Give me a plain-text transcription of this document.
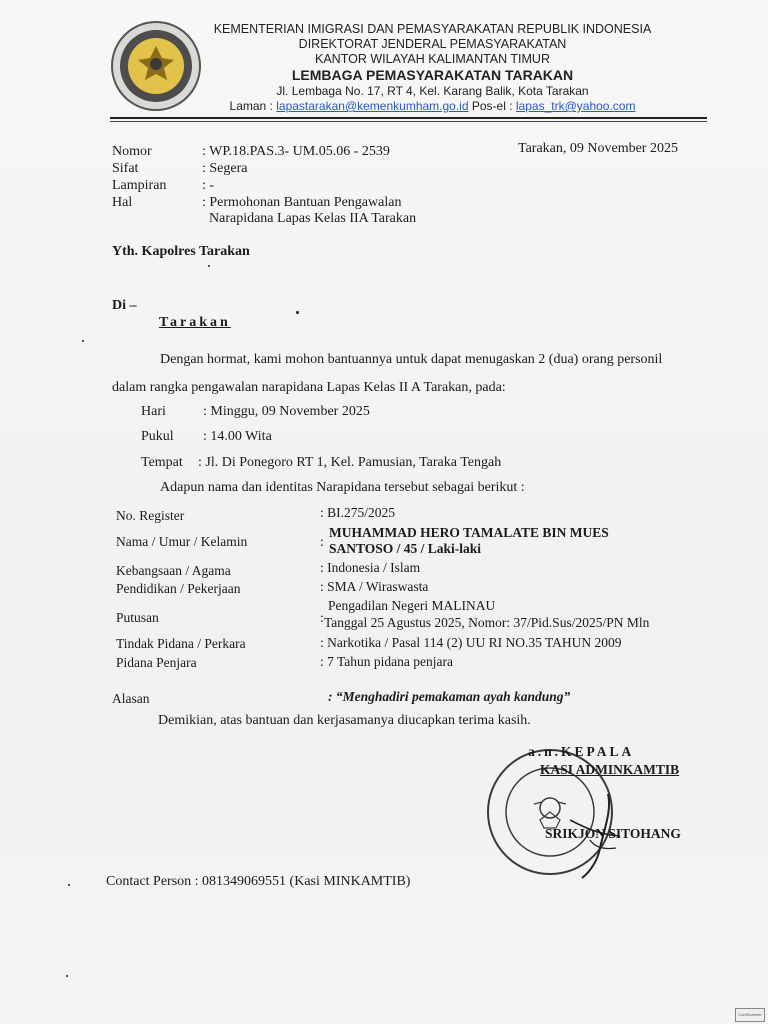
KEMENTERIAN IMIGRASI DAN PEMASYARAKATAN REPUBLIK INDONESIA
DIREKTORAT JENDERAL PEMASYARAKATAN
KANTOR WILAYAH KALIMANTAN TIMUR
LEMBAGA PEMASYARAKATAN TARAKAN
Jl. Lembaga No. 17, RT 4, Kel. Karang Balik, Kota Tarakan
Laman : lapastarakan@kemenkumham.go.id Pos-el : lapas_trk@yahoo.com
Nomor	: WP.18.PAS.3- UM.05.06 - 2539	Tarakan, 09 November 2025
Sifat	: Segera
Lampiran	: -
Hal	: Permohonan Bantuan Pengawalan
Narapidana Lapas Kelas IIA Tarakan
Yth. Kapolres Tarakan
Di –
Tarakan
Dengan hormat, kami mohon bantuannya untuk dapat menugaskan 2 (dua) orang personil
dalam rangka pengawalan narapidana Lapas Kelas II A Tarakan, pada:
Hari	: Minggu, 09 November 2025
Pukul : 14.00 Wita
Tempat : Jl. Di Ponegoro RT 1, Kel. Pamusian, Taraka Tengah
Adapun nama dan identitas Narapidana tersebut sebagai berikut :
No. Register	: BI.275/2025
Nama / Umur / Kelamin	:
MUHAMMAD HERO TAMALATE BIN MUES
SANTOSO / 45 / Laki-laki
Kebangsaan / Agama	: Indonesia / Islam
Pendidikan / Pekerjaan	: SMA / Wiraswasta
Putusan	:
Pengadilan Negeri MALINAU
Tanggal 25 Agustus 2025, Nomor: 37/Pid.Sus/2025/PN Mln
Tindak Pidana / Perkara	: Narkotika / Pasal 114 (2) UU RI NO.35 TAHUN 2009
Pidana Penjara	: 7 Tahun pidana penjara
Alasan	: “Menghadiri pemakaman ayah kandung”
Demikian, atas bantuan dan kerjasamanya diucapkan terima kasih.
a.n.KEPALA
KASI ADMINKAMTIB
SRIKJON SITOHANG
Contact Person : 081349069551 (Kasi MINKAMTIB)
CamScanner
